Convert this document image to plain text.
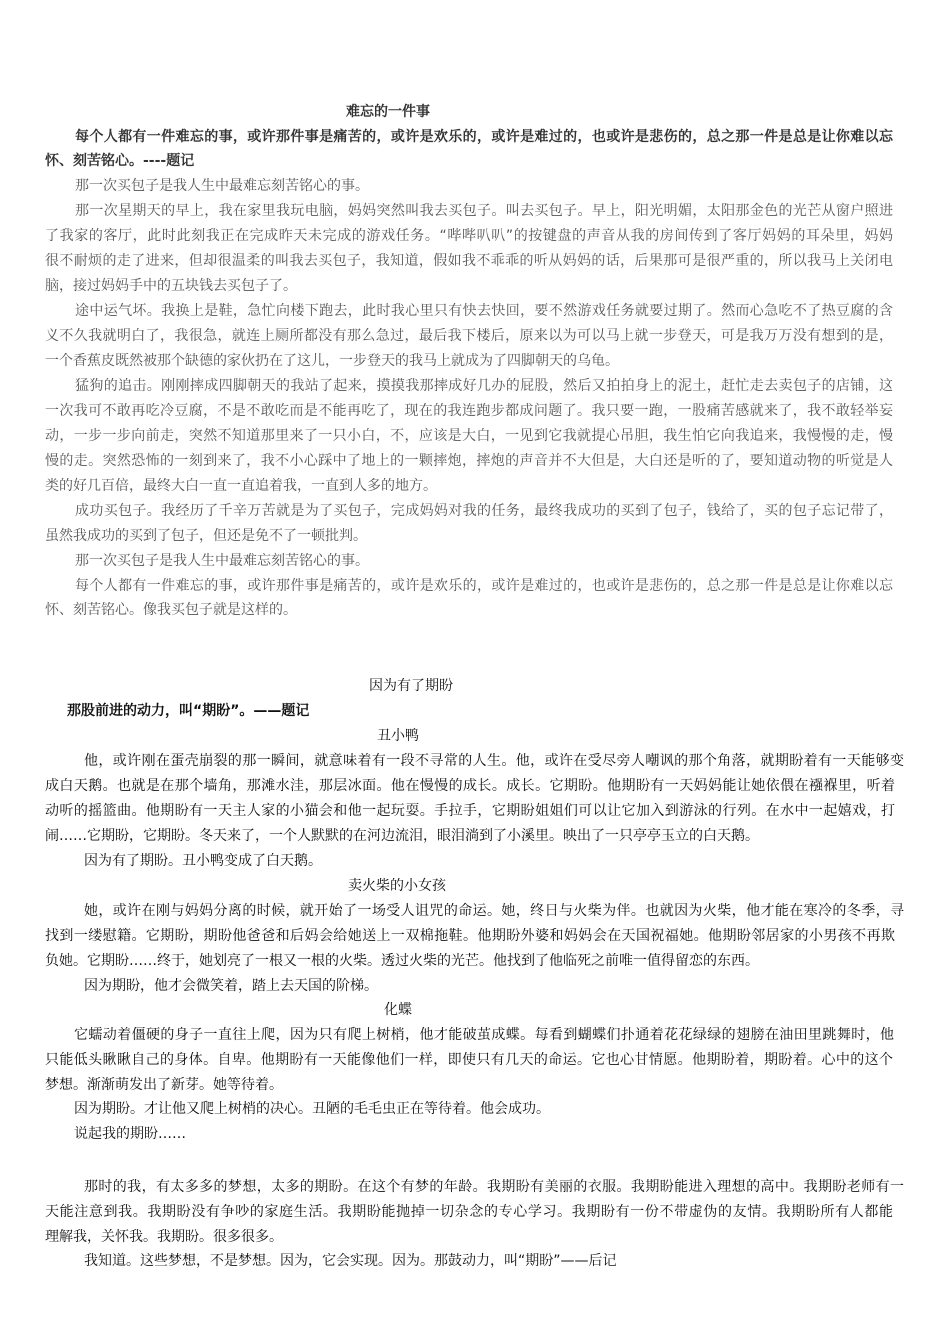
难忘的一件事
每个人都有一件难忘的事，或许那件事是痛苦的，或许是欢乐的，或许是难过的，也或许是悲伤的，总之那一件是总是让你难以忘
怀、刻苦铭心。----题记
那一次买包子是我人生中最难忘刻苦铭心的事。
那一次星期天的早上，我在家里我玩电脑，妈妈突然叫我去买包子。叫去买包子。早上，阳光明媚，太阳那金色的光芒从窗户照进
了我家的客厅，此时此刻我正在完成昨天未完成的游戏任务。“哔哔叭叭”的按键盘的声音从我的房间传到了客厅妈妈的耳朵里，妈妈
很不耐烦的走了进来，但却很温柔的叫我去买包子，我知道，假如我不乖乖的听从妈妈的话，后果那可是很严重的，所以我马上关闭电
脑，接过妈妈手中的五块钱去买包子了。
途中运气坏。我换上是鞋，急忙向楼下跑去，此时我心里只有快去快回，要不然游戏任务就要过期了。然而心急吃不了热豆腐的含
义不久我就明白了，我很急，就连上厕所都没有那么急过，最后我下楼后，原来以为可以马上就一步登天，可是我万万没有想到的是，
一个香蕉皮既然被那个缺德的家伙扔在了这儿，一步登天的我马上就成为了四脚朝天的乌龟。
猛狗的追击。刚刚摔成四脚朝天的我站了起来，摸摸我那摔成好几办的屁股，然后又拍拍身上的泥土，赶忙走去卖包子的店铺，这
一次我可不敢再吃冷豆腐，不是不敢吃而是不能再吃了，现在的我连跑步都成问题了。我只要一跑，一股痛苦感就来了，我不敢轻举妄
动，一步一步向前走，突然不知道那里来了一只小白，不，应该是大白，一见到它我就提心吊胆，我生怕它向我追来，我慢慢的走，慢
慢的走。突然恐怖的一刻到来了，我不小心踩中了地上的一颗摔炮，摔炮的声音并不大但是，大白还是听的了，要知道动物的听觉是人
类的好几百倍，最终大白一直一直追着我，一直到人多的地方。
成功买包子。我经历了千辛万苦就是为了买包子，完成妈妈对我的任务，最终我成功的买到了包子，钱给了，买的包子忘记带了，
虽然我成功的买到了包子，但还是免不了一顿批判。
那一次买包子是我人生中最难忘刻苦铭心的事。
每个人都有一件难忘的事，或许那件事是痛苦的，或许是欢乐的，或许是难过的，也或许是悲伤的，总之那一件是总是让你难以忘
怀、刻苦铭心。像我买包子就是这样的。
因为有了期盼
那股前进的动力，叫“期盼”。——题记
丑小鸭
他，或许刚在蛋壳崩裂的那一瞬间，就意味着有一段不寻常的人生。他，或许在受尽旁人嘲讽的那个角落，就期盼着有一天能够变
成白天鹅。也就是在那个墙角，那滩水洼，那层冰面。他在慢慢的成长。成长。它期盼。他期盼有一天妈妈能让她依偎在襁褓里，听着
动听的摇篮曲。他期盼有一天主人家的小猫会和他一起玩耍。手拉手，它期盼姐姐们可以让它加入到游泳的行列。在水中一起嬉戏，打
闹……它期盼，它期盼。冬天来了，一个人默默的在河边流泪，眼泪淌到了小溪里。映出了一只亭亭玉立的白天鹅。
因为有了期盼。丑小鸭变成了白天鹅。
卖火柴的小女孩
她，或许在刚与妈妈分离的时候，就开始了一场受人诅咒的命运。她，终日与火柴为伴。也就因为火柴，他才能在寒冷的冬季，寻
找到一缕慰籍。它期盼，期盼他爸爸和后妈会给她送上一双棉拖鞋。他期盼外婆和妈妈会在天国祝福她。他期盼邻居家的小男孩不再欺
负她。它期盼……终于，她划亮了一根又一根的火柴。透过火柴的光芒。他找到了他临死之前唯一值得留恋的东西。
因为期盼，他才会微笑着，踏上去天国的阶梯。
化蝶
它蠕动着僵硬的身子一直往上爬，因为只有爬上树梢，他才能破茧成蝶。每看到蝴蝶们扑通着花花绿绿的翅膀在油田里跳舞时，他
只能低头瞅瞅自己的身体。自卑。他期盼有一天能像他们一样，即使只有几天的命运。它也心甘情愿。他期盼着，期盼着。心中的这个
梦想。渐渐萌发出了新芽。她等待着。
因为期盼。才让他又爬上树梢的决心。丑陋的毛毛虫正在等待着。他会成功。
说起我的期盼……
那时的我，有太多多的梦想，太多的期盼。在这个有梦的年龄。我期盼有美丽的衣服。我期盼能进入理想的高中。我期盼老师有一
天能注意到我。我期盼没有争吵的家庭生活。我期盼能抛掉一切杂念的专心学习。我期盼有一份不带虚伪的友情。我期盼所有人都能
理解我，关怀我。我期盼。很多很多。
我知道。这些梦想，不是梦想。因为，它会实现。因为。那鼓动力，叫“期盼”——后记
